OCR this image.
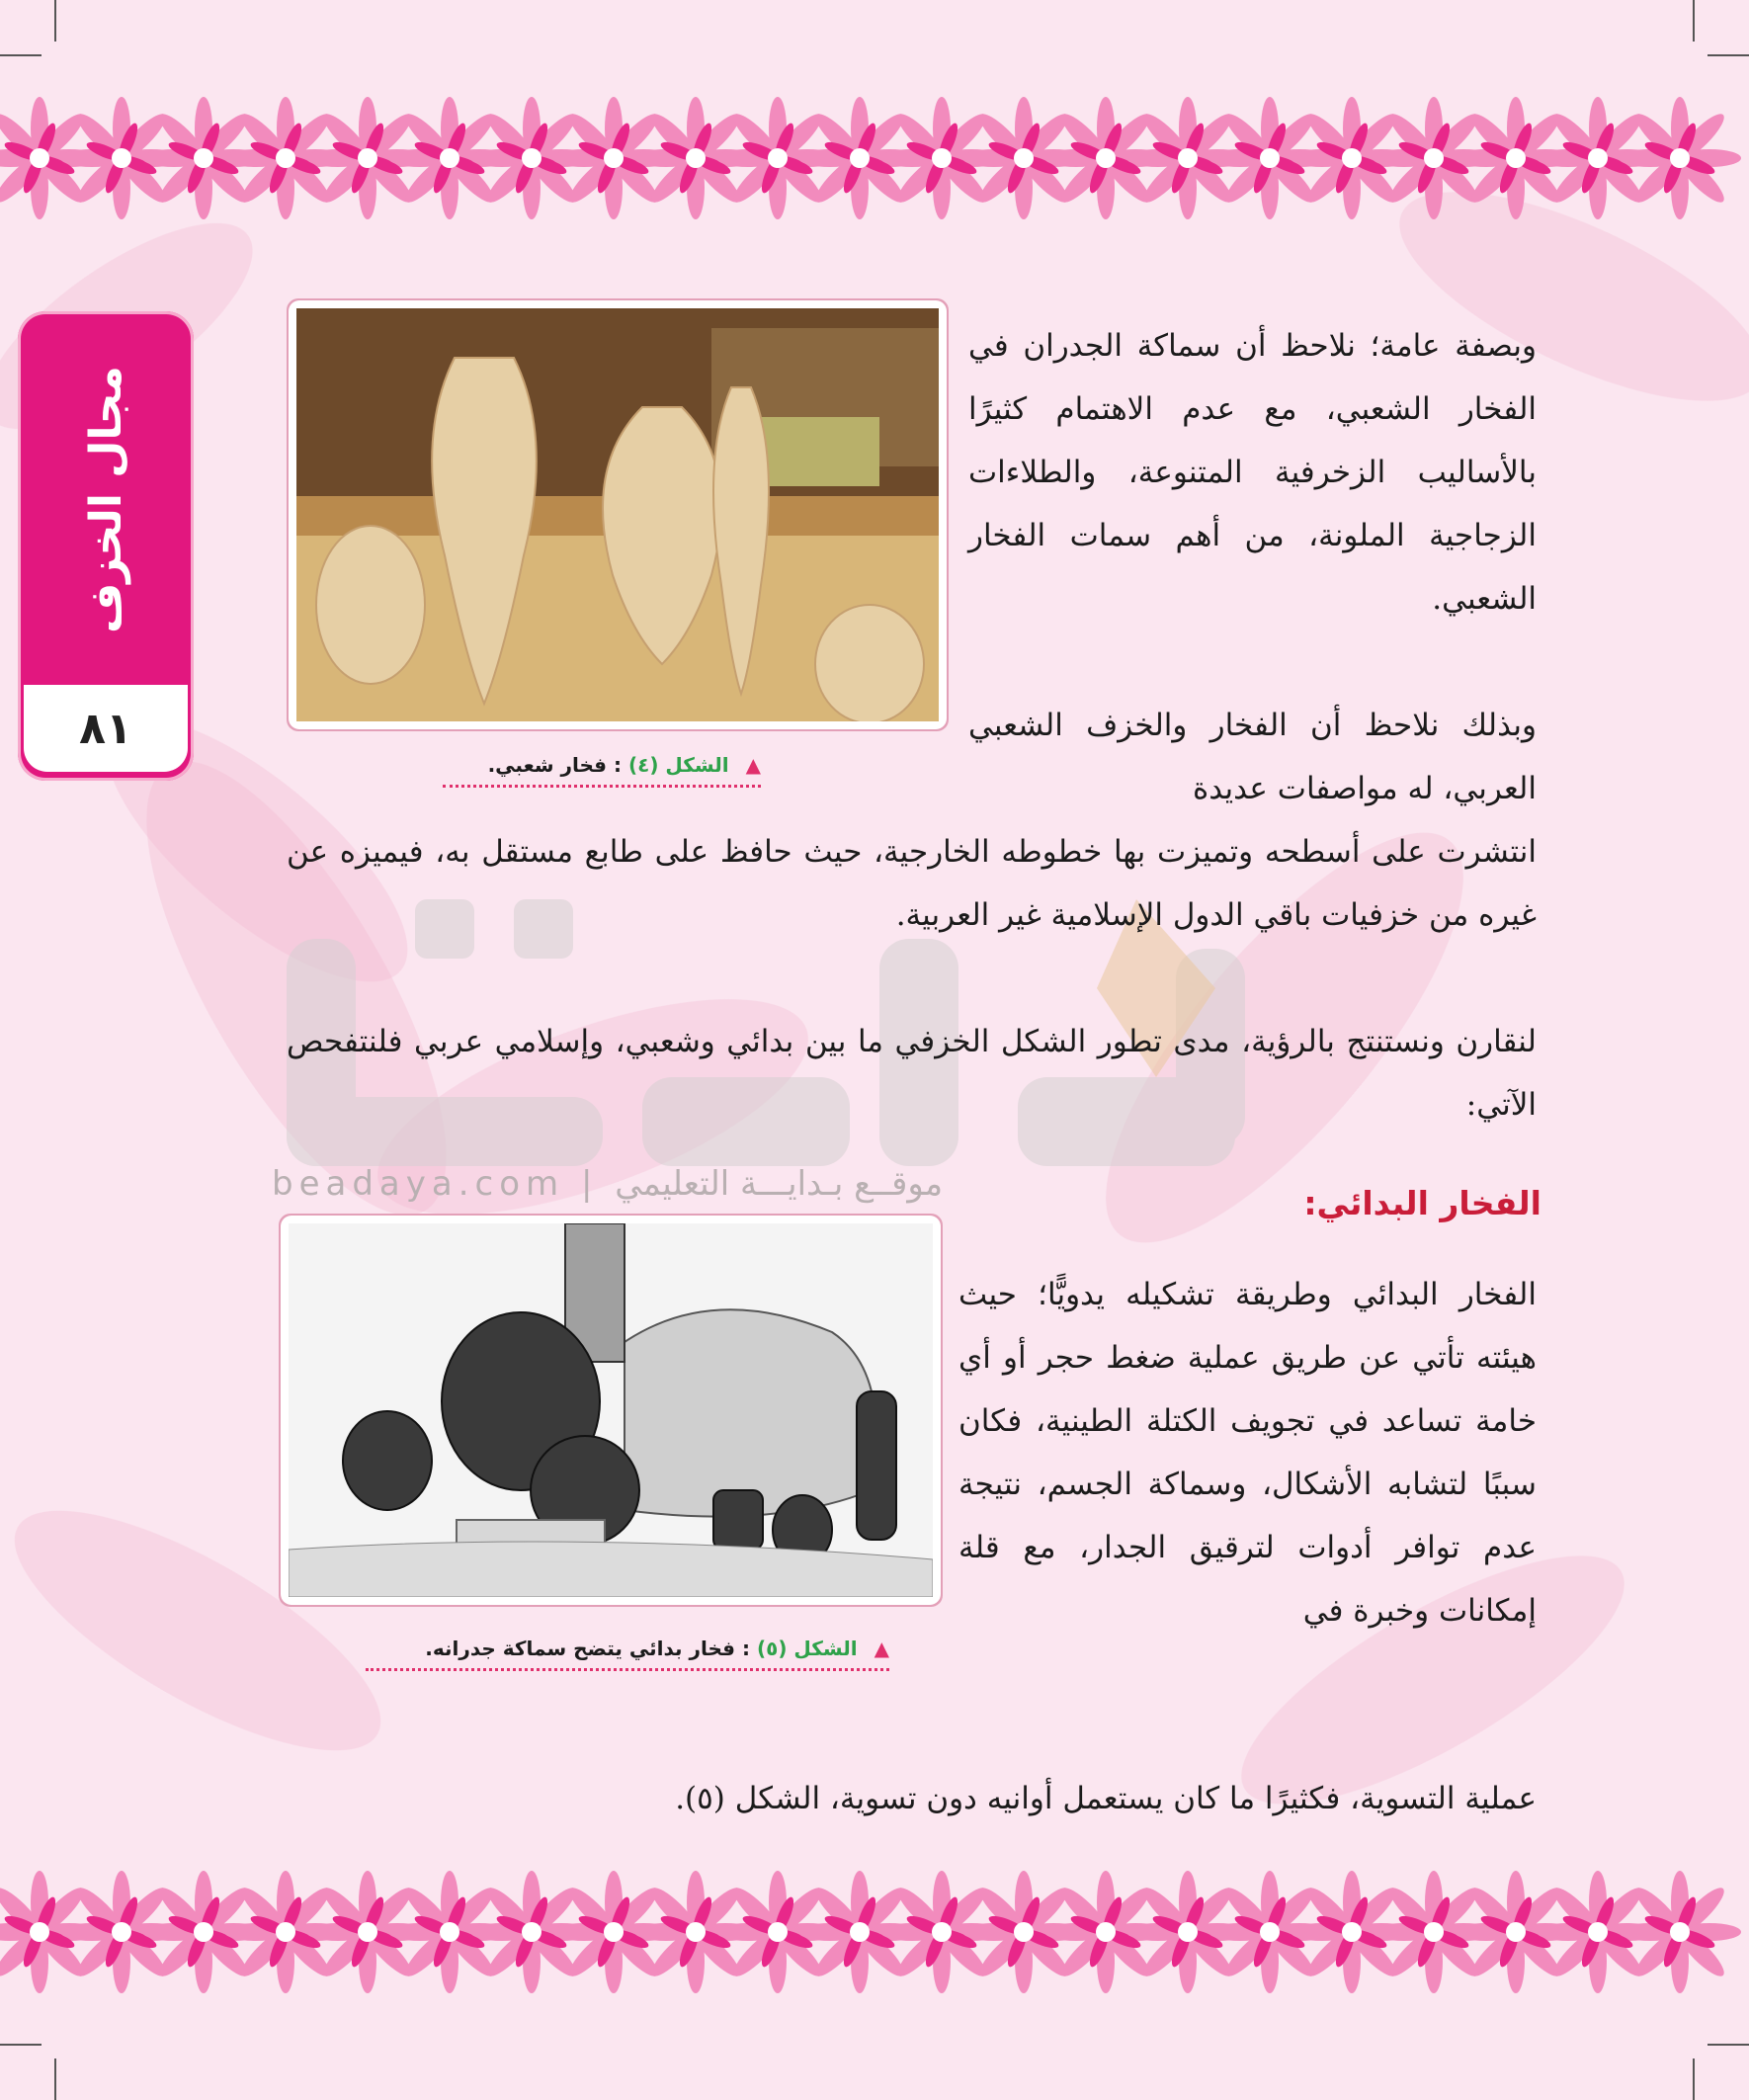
مجال الخزف
٨١
beadaya.com | موقــع بـدايـــة التعليمي
▲ الشكل (٤) : فخار شعبي.
▲ الشكل (٥) : فخار بدائي يتضح سماكة جدرانه.

وبصفة عامة؛ نلاحظ أن سماكة الجدران في الفخار الشعبي، مع عدم الاهتمام كثيرًا بالأساليب الزخرفية المتنوعة، والطلاءات الزجاجية الملونة، من أهم سمات الفخار الشعبي.

وبذلك نلاحظ أن الفخار والخزف الشعبي العربي، له مواصفات عديدة

انتشرت على أسطحه وتميزت بها خطوطه الخارجية، حيث حافظ على طابع مستقل به، فيميزه عن غيره من خزفيات باقي الدول الإسلامية غير العربية.

لنقارن ونستنتج بالرؤية، مدى تطور الشكل الخزفي ما بين بدائي وشعبي، وإسلامي عربي فلنتفحص الآتي:

الفخار البدائي:

الفخار البدائي وطريقة تشكيله يدويًّا؛ حيث هيئته تأتي عن طريق عملية ضغط حجر أو أي خامة تساعد في تجويف الكتلة الطينية، فكان سببًا لتشابه الأشكال، وسماكة الجسم، نتيجة عدم توافر أدوات لترقيق الجدار، مع قلة إمكانات وخبرة في

عملية التسوية، فكثيرًا ما كان يستعمل أوانيه دون تسوية، الشكل (٥).
